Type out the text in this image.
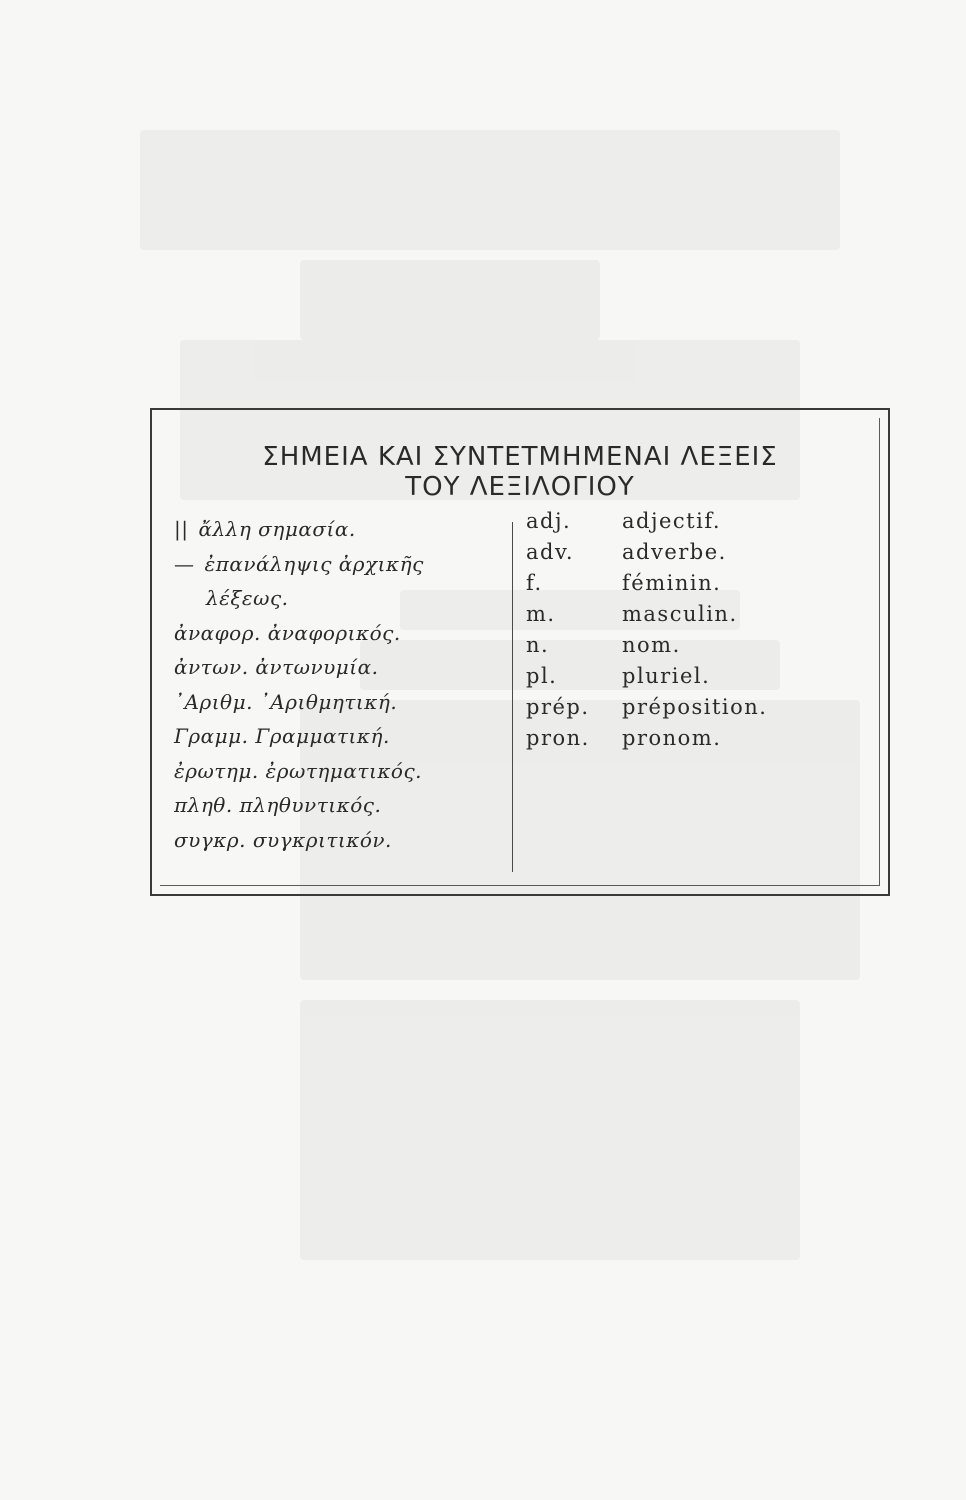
ΣΗΜΕΙΑ ΚΑΙ ΣΥΝΤΕΤΜΗΜΕΝΑΙ ΛΕΞΕΙΣ
ΤΟΥ ΛΕΞΙΛΟΓΙΟΥ
|| ἄλλη σημασία.
— ἐπανάληψις ἀρχικῆς
λέξεως.
ἀναφορ. ἀναφορικός.
ἀντων. ἀντωνυμία.
᾿Αριθμ. ᾿Αριθμητική.
Γραμμ. Γραμματική.
ἐρωτημ. ἐρωτηματικός.
πληθ. πληθυντικός.
συγκρ. συγκριτικόν.
adj. adjectif.
adv. adverbe.
f.	féminin.
m.	masculin.
n.	nom.
pl.	pluriel.
prép. préposition.
pron. pronom.
